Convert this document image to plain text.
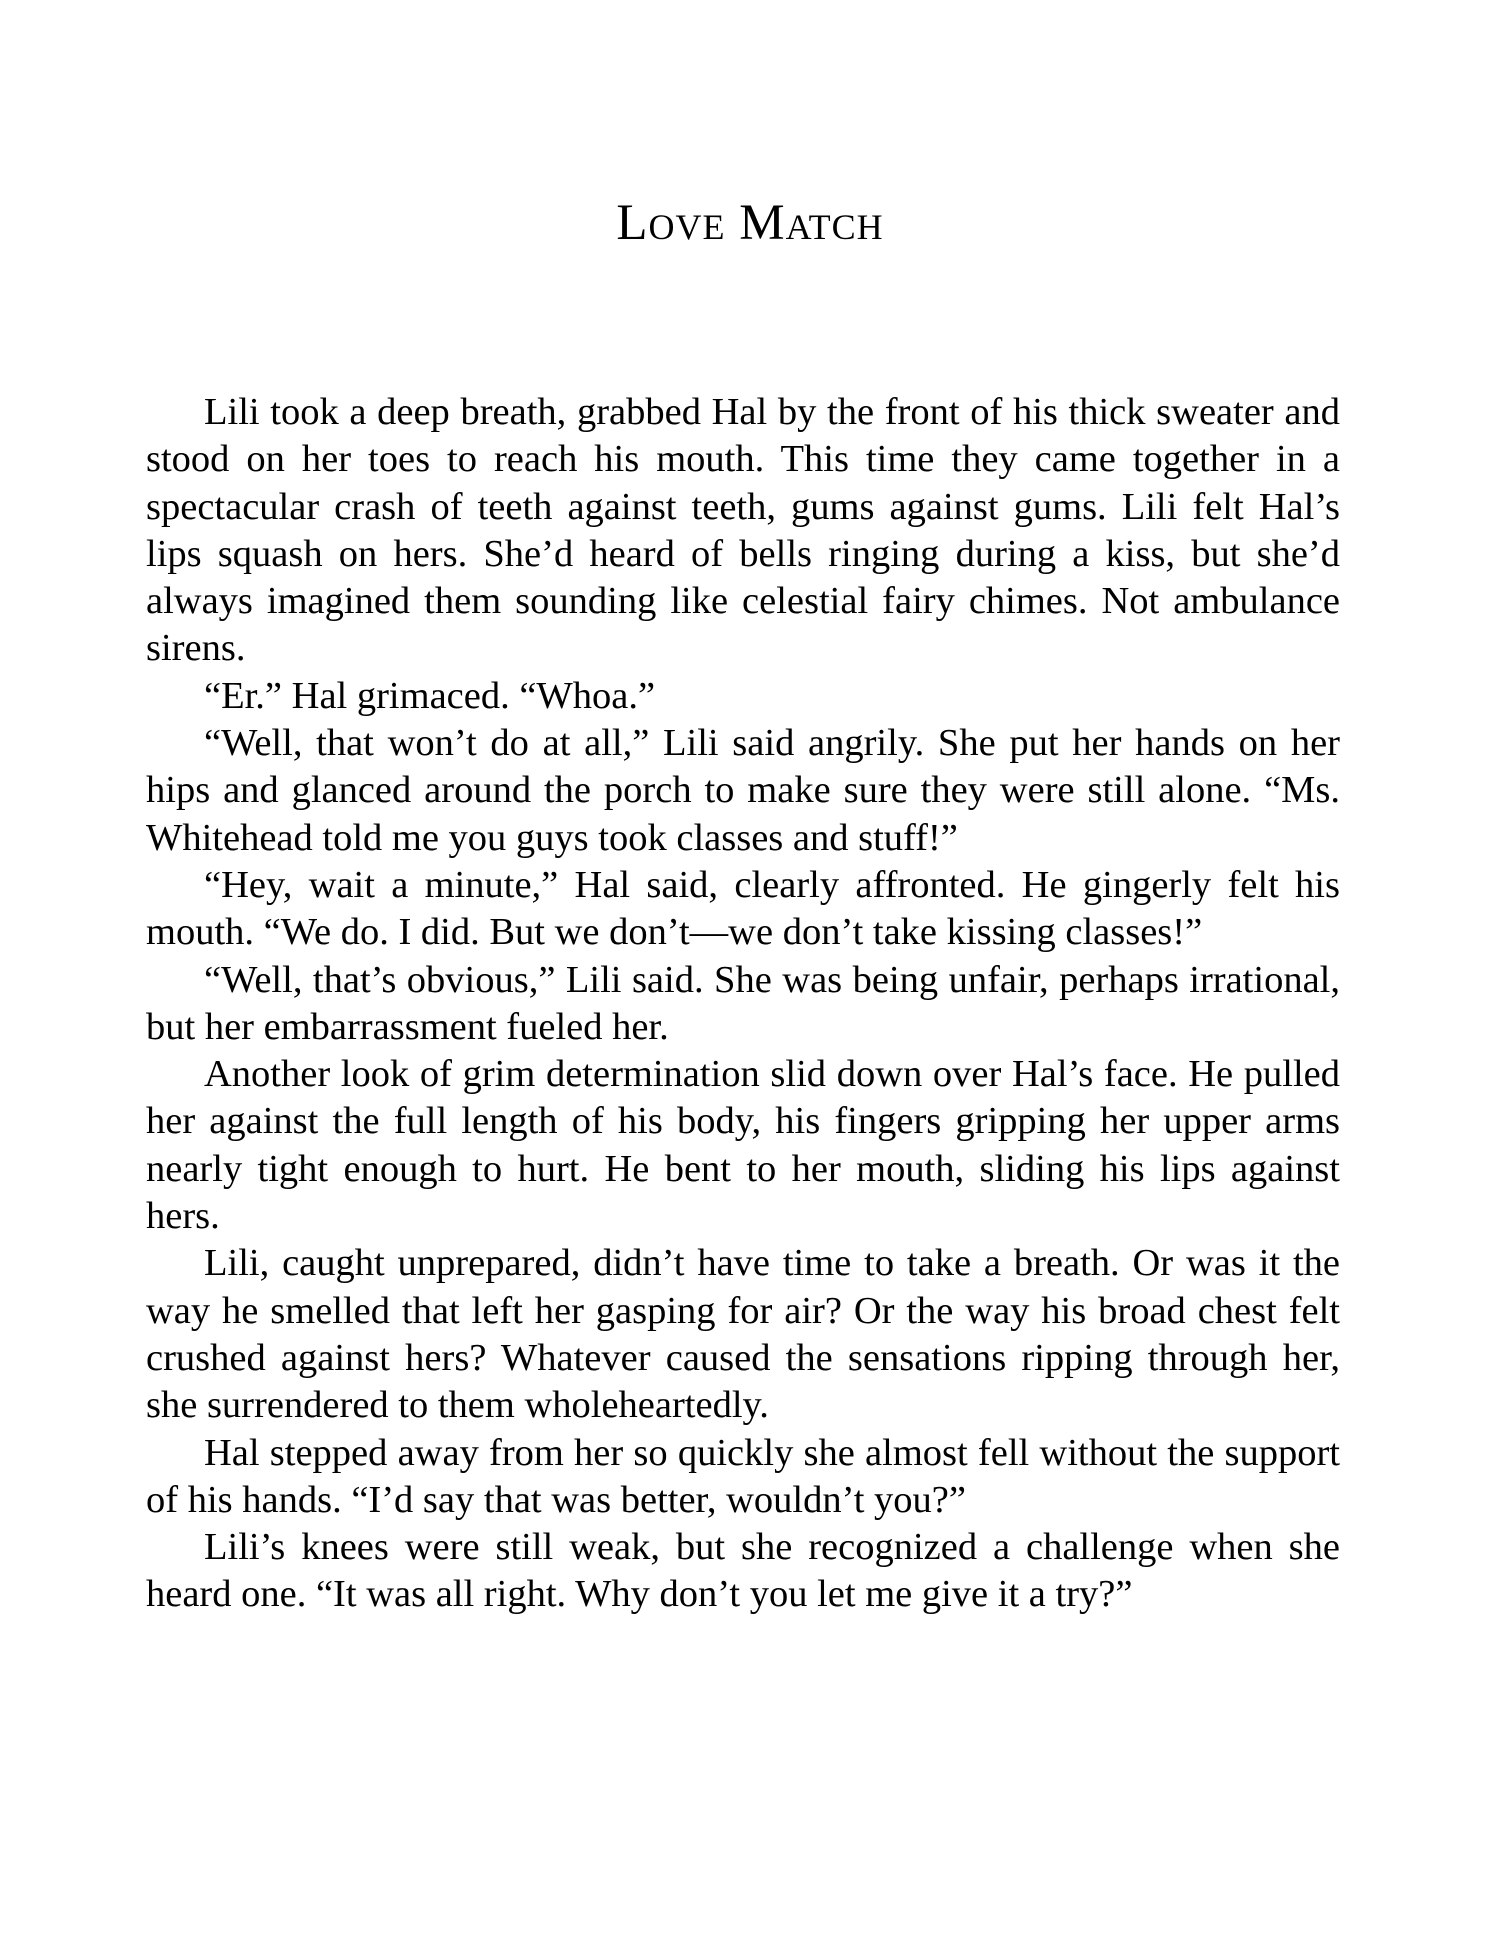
Love Match

Lili took a deep breath, grabbed Hal by the front of his thick sweater and stood on her toes to reach his mouth. This time they came together in a spectacular crash of teeth against teeth, gums against gums. Lili felt Hal’s lips squash on hers. She’d heard of bells ringing during a kiss, but she’d always imagined them sounding like celestial fairy chimes. Not ambulance sirens.

“Er.” Hal grimaced. “Whoa.”

“Well, that won’t do at all,” Lili said angrily. She put her hands on her hips and glanced around the porch to make sure they were still alone. “Ms. Whitehead told me you guys took classes and stuff!”

“Hey, wait a minute,” Hal said, clearly affronted. He gingerly felt his mouth. “We do. I did. But we don’t—we don’t take kissing classes!”

“Well, that’s obvious,” Lili said. She was being unfair, perhaps irrational, but her embarrassment fueled her.

Another look of grim determination slid down over Hal’s face. He pulled her against the full length of his body, his fingers gripping her upper arms nearly tight enough to hurt. He bent to her mouth, sliding his lips against hers.

Lili, caught unprepared, didn’t have time to take a breath. Or was it the way he smelled that left her gasping for air? Or the way his broad chest felt crushed against hers? Whatever caused the sensations ripping through her, she surrendered to them wholeheartedly.

Hal stepped away from her so quickly she almost fell without the support of his hands. “I’d say that was better, wouldn’t you?”

Lili’s knees were still weak, but she recognized a challenge when she heard one. “It was all right. Why don’t you let me give it a try?”
